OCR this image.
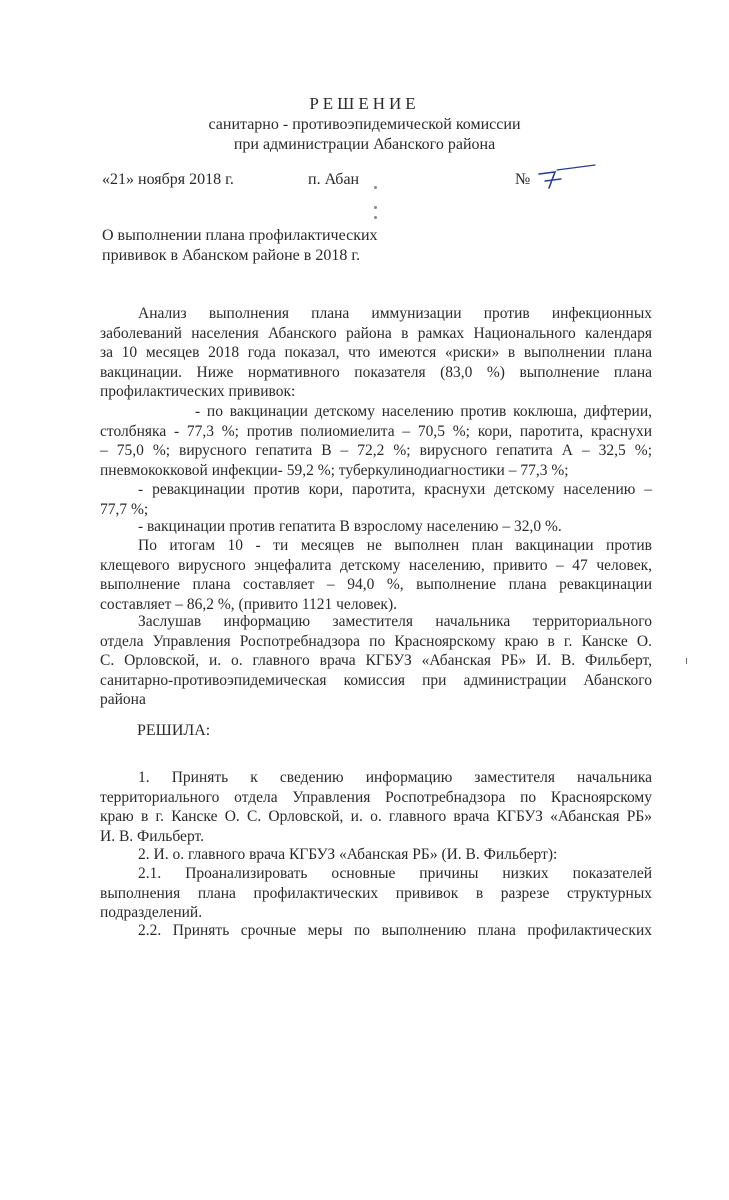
РЕШЕНИЕ
санитарно - противоэпидемической комиссии
при администрации Абанского района
«21» ноября 2018 г.	п. Абан	№
О выполнении плана профилактических
прививок в Абанском районе в 2018 г.
Анализ выполнения плана иммунизации против инфекционных
заболеваний населения Абанского района в рамках Национального календаря
за 10 месяцев 2018 года показал, что имеются «риски» в выполнении плана
вакцинации. Ниже нормативного показателя (83,0 %) выполнение плана
профилактических прививок:
- по вакцинации детскому населению против коклюша, дифтерии,
столбняка - 77,3 %; против полиомиелита – 70,5 %; кори, паротита, краснухи
– 75,0 %; вирусного гепатита В – 72,2 %; вирусного гепатита А – 32,5 %;
пневмококковой инфекции- 59,2 %; туберкулинодиагностики – 77,3 %;
- ревакцинации против кори, паротита, краснухи детскому населению –
77,7 %;
- вакцинации против гепатита В взрослому населению – 32,0 %.
По итогам 10 - ти месяцев не выполнен план вакцинации против
клещевого вирусного энцефалита детскому населению, привито – 47 человек,
выполнение плана составляет – 94,0 %, выполнение плана ревакцинации
составляет – 86,2 %, (привито 1121 человек).
Заслушав информацию заместителя начальника территориального
отдела Управления Роспотребнадзора по Красноярскому краю в г. Канске О.
С. Орловской, и. о. главного врача КГБУЗ «Абанская РБ» И. В. Фильберт,
санитарно-противоэпидемическая комиссия при администрации Абанского
района
РЕШИЛА:
1. Принять к сведению информацию заместителя начальника
территориального отдела Управления Роспотребнадзора по Красноярскому
краю в г. Канске О. С. Орловской, и. о. главного врача КГБУЗ «Абанская РБ»
И. В. Фильберт.
2. И. о. главного врача КГБУЗ «Абанская РБ» (И. В. Фильберт):
2.1. Проанализировать основные причины низких показателей
выполнения плана профилактических прививок в разрезе структурных
подразделений.
2.2. Принять срочные меры по выполнению плана профилактических
